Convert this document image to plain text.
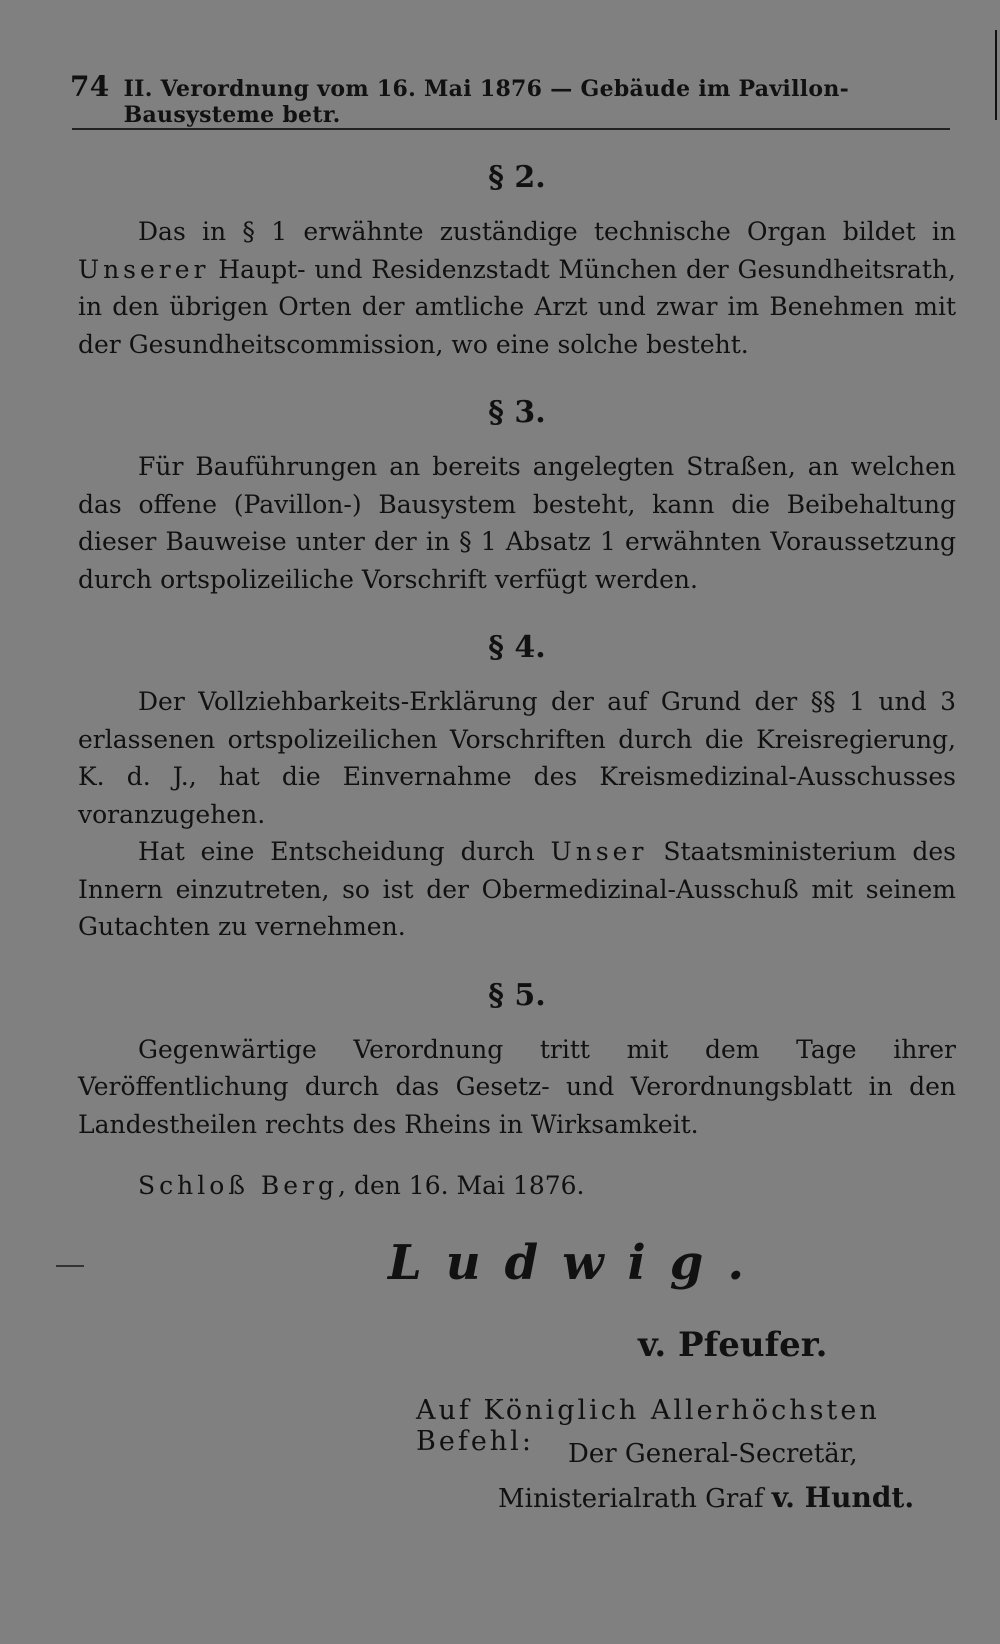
74 II. Verordnung vom 16. Mai 1876 — Gebäude im Pavillon-Bausysteme betr.
§ 2.

Das in § 1 erwähnte zuständige technische Organ bildet in Unserer Haupt- und Residenzstadt München der Gesundheitsrath, in den übrigen Orten der amtliche Arzt und zwar im Benehmen mit der Gesundheitscommission, wo eine solche besteht.

§ 3.

Für Bauführungen an bereits angelegten Straßen, an welchen das offene (Pavillon-) Bausystem besteht, kann die Beibehaltung dieser Bauweise unter der in § 1 Absatz 1 erwähnten Voraussetzung durch ortspolizeiliche Vorschrift verfügt werden.

§ 4.

Der Vollziehbarkeits-Erklärung der auf Grund der §§ 1 und 3 erlassenen ortspolizeilichen Vorschriften durch die Kreisregierung, K. d. J., hat die Einvernahme des Kreismedizinal-Ausschusses voranzugehen.

Hat eine Entscheidung durch Unser Staatsministerium des Innern einzutreten, so ist der Obermedizinal-Ausschuß mit seinem Gutachten zu vernehmen.

§ 5.

Gegenwärtige Verordnung tritt mit dem Tage ihrer Veröffentlichung durch das Gesetz- und Verordnungsblatt in den Landestheilen rechts des Rheins in Wirksamkeit.

Schloß Berg, den 16. Mai 1876.
Ludwig.
v. Pfeufer.
Auf Königlich Allerhöchsten Befehl:	Der General-Secretär,
Ministerialrath Graf v. Hundt.
